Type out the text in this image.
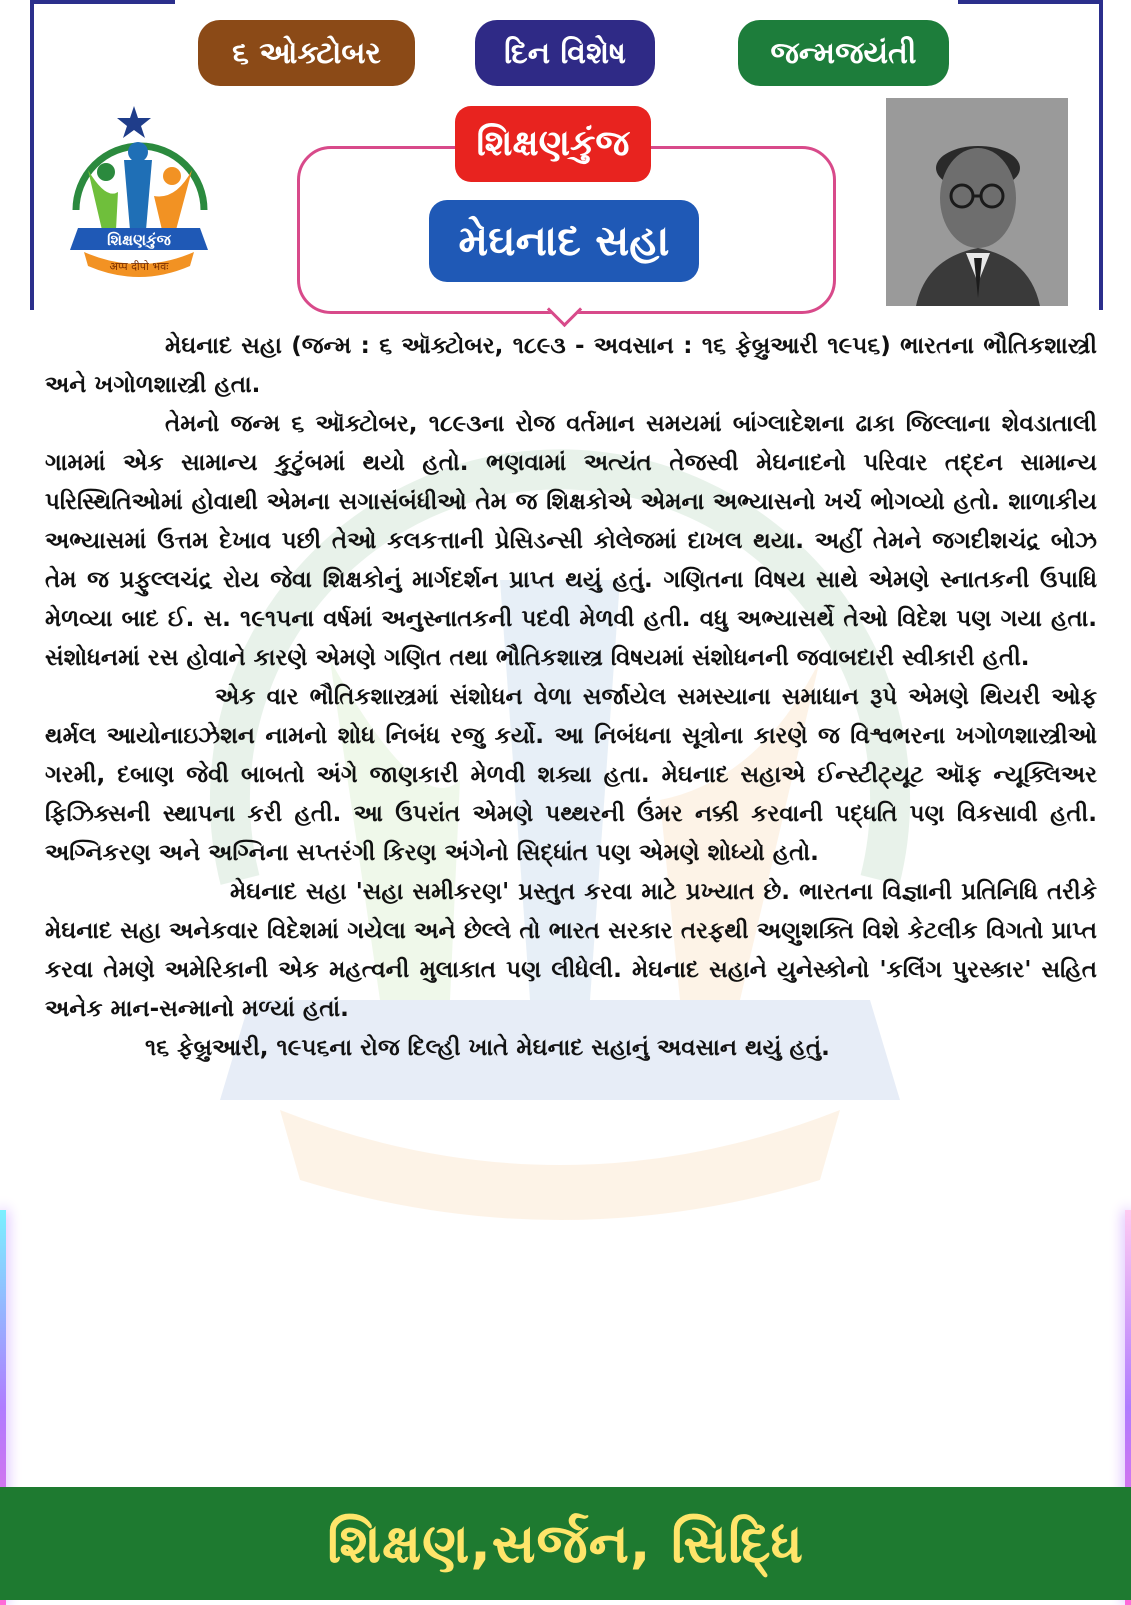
૬ ઓક્ટોબર	દિન વિશેષ	જન્મજયંતી
શિક્ષણકુંજ
अप्प दीपो भवः
શિક્ષણકુંજ
મેઘનાદ સહા

મેઘનાદ સહા (જન્મ : ૬ ઑક્ટોબર, ૧૮૯૩ - અવસાન : ૧૬ ફેબ્રુઆરી ૧૯૫૬) ભારતના ભૌતિકશાસ્ત્રી અને ખગોળશાસ્ત્રી હતા.

તેમનો જન્મ ૬ ઑક્ટોબર, ૧૮૯૩ના રોજ વર્તમાન સમયમાં બાંગ્લાદેશના ઢાકા જિલ્લાના શેવડાતાલી ગામમાં એક સામાન્ય કુટુંબમાં થયો હતો. ભણવામાં અત્યંત તેજસ્વી મેઘનાદનો પરિવાર તદ્દન સામાન્ય પરિસ્થિતિઓમાં હોવાથી એમના સગાસંબંધીઓ તેમ જ શિક્ષકોએ એમના અભ્યાસનો ખર્ચ ભોગવ્યો હતો. શાળાકીય અભ્યાસમાં ઉત્તમ દેખાવ પછી તેઓ કલકત્તાની પ્રેસિડન્સી કોલેજમાં દાખલ થયા. અહીં તેમને જગદીશચંદ્ર બોઝ તેમ જ પ્રફુલ્લચંદ્ર રોય જેવા શિક્ષકોનું માર્ગદર્શન પ્રાપ્ત થયું હતું. ગણિતના વિષય સાથે એમણે સ્નાતકની ઉપાધિ મેળવ્યા બાદ ઈ. સ. ૧૯૧૫ના વર્ષમાં અનુસ્નાતકની પદવી મેળવી હતી. વધુ અભ્યાસર્થે તેઓ વિદેશ પણ ગયા હતા. સંશોધનમાં રસ હોવાને કારણે એમણે ગણિત તથા ભૌતિકશાસ્ત્ર વિષયમાં સંશોધનની જવાબદારી સ્વીકારી હતી.

એક વાર ભૌતિકશાસ્ત્રમાં સંશોધન વેળા સર્જાયેલ સમસ્યાના સમાધાન રૂપે એમણે થિયરી ઓફ થર્મલ આયોનાઇઝેશન નામનો શોધ નિબંધ રજુ કર્યો. આ નિબંધના સૂત્રોના કારણે જ વિશ્વભરના ખગોળશાસ્ત્રીઓ ગરમી, દબાણ જેવી બાબતો અંગે જાણકારી મેળવી શક્યા હતા. મેઘનાદ સહાએ ઈન્સ્ટીટ્યૂટ ઑફ ન્યૂક્લિઅર ફિઝિક્સની સ્થાપના કરી હતી. આ ઉપરાંત એમણે પથ્થરની ઉંમર નક્કી કરવાની પદ્ધતિ પણ વિકસાવી હતી. અગ્નિકરણ અને અગ્નિના સપ્તરંગી કિરણ અંગેનો સિદ્ધાંત પણ એમણે શોધ્યો હતો.

મેઘનાદ સહા 'સહા સમીકરણ' પ્રસ્તુત કરવા માટે પ્રખ્યાત છે. ભારતના વિજ્ઞાની પ્રતિનિધિ તરીકે મેઘનાદ સહા અનેકવાર વિદેશમાં ગયેલા અને છેલ્લે તો ભારત સરકાર તરફથી અણુશક્તિ વિશે કેટલીક વિગતો પ્રાપ્ત કરવા તેમણે અમેરિકાની એક મહત્વની મુલાકાત પણ લીધેલી. મેઘનાદ સહાને યુનેસ્કોનો 'કલિંગ પુરસ્કાર' સહિત અનેક માન-સન્માનો મળ્યાં હતાં.

૧૬ ફેબ્રુઆરી, ૧૯૫૬ના રોજ દિલ્હી ખાતે મેઘનાદ સહાનું અવસાન થયું હતું.

શિક્ષણ,સર્જન, સિદ્ધિ
